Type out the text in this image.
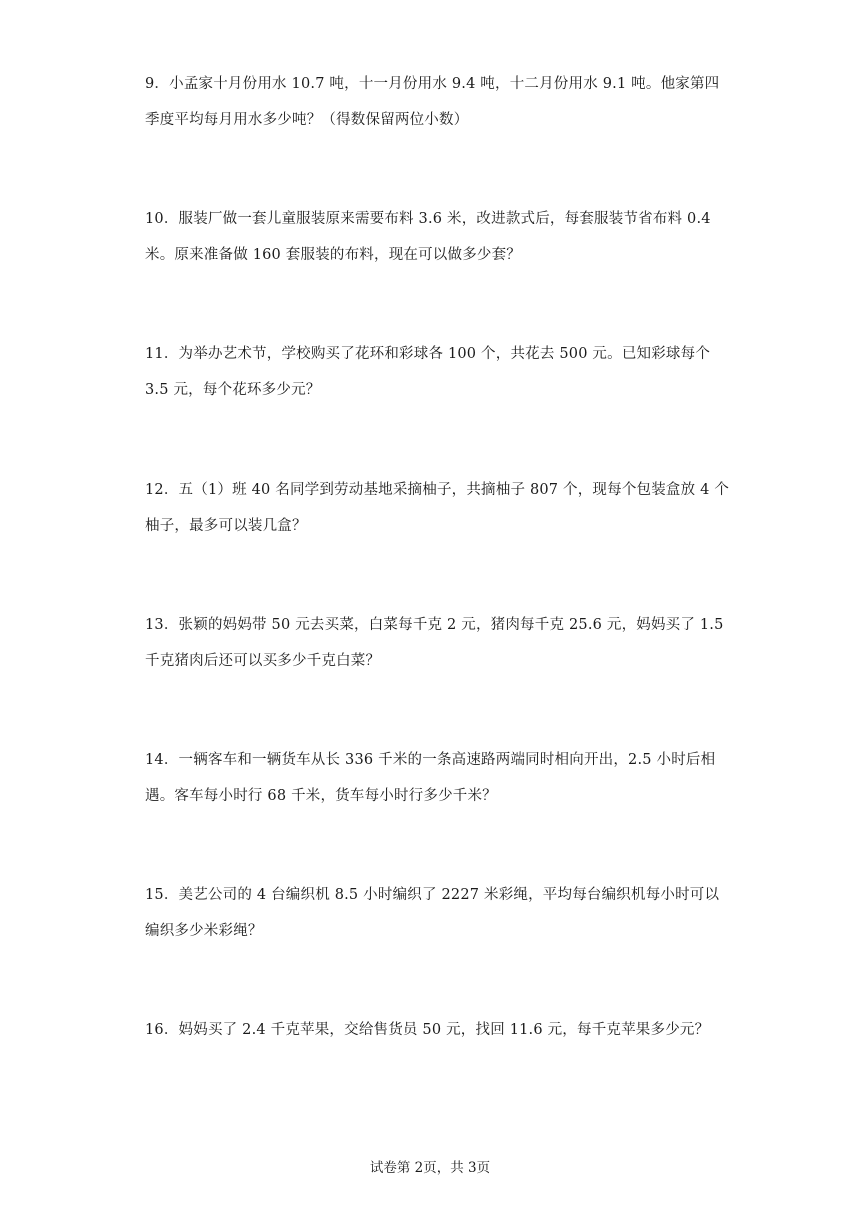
9．小孟家十月份用水 10.7 吨，十一月份用水 9.4 吨，十二月份用水 9.1 吨。他家第四
季度平均每月用水多少吨？（得数保留两位小数）
10．服装厂做一套儿童服装原来需要布料 3.6 米，改进款式后，每套服装节省布料 0.4
米。原来准备做 160 套服装的布料，现在可以做多少套？
11．为举办艺术节，学校购买了花环和彩球各 100 个，共花去 500 元。已知彩球每个
3.5 元，每个花环多少元？
12．五（1）班 40 名同学到劳动基地采摘柚子，共摘柚子 807 个，现每个包装盒放 4 个
柚子，最多可以装几盒？
13．张颖的妈妈带 50 元去买菜，白菜每千克 2 元，猪肉每千克 25.6 元，妈妈买了 1.5
千克猪肉后还可以买多少千克白菜？
14．一辆客车和一辆货车从长 336 千米的一条高速路两端同时相向开出，2.5 小时后相
遇。客车每小时行 68 千米，货车每小时行多少千米？
15．美艺公司的 4 台编织机 8.5 小时编织了 2227 米彩绳，平均每台编织机每小时可以
编织多少米彩绳？
16．妈妈买了 2.4 千克苹果，交给售货员 50 元，找回 11.6 元，每千克苹果多少元？
试卷第 2页，共 3页
